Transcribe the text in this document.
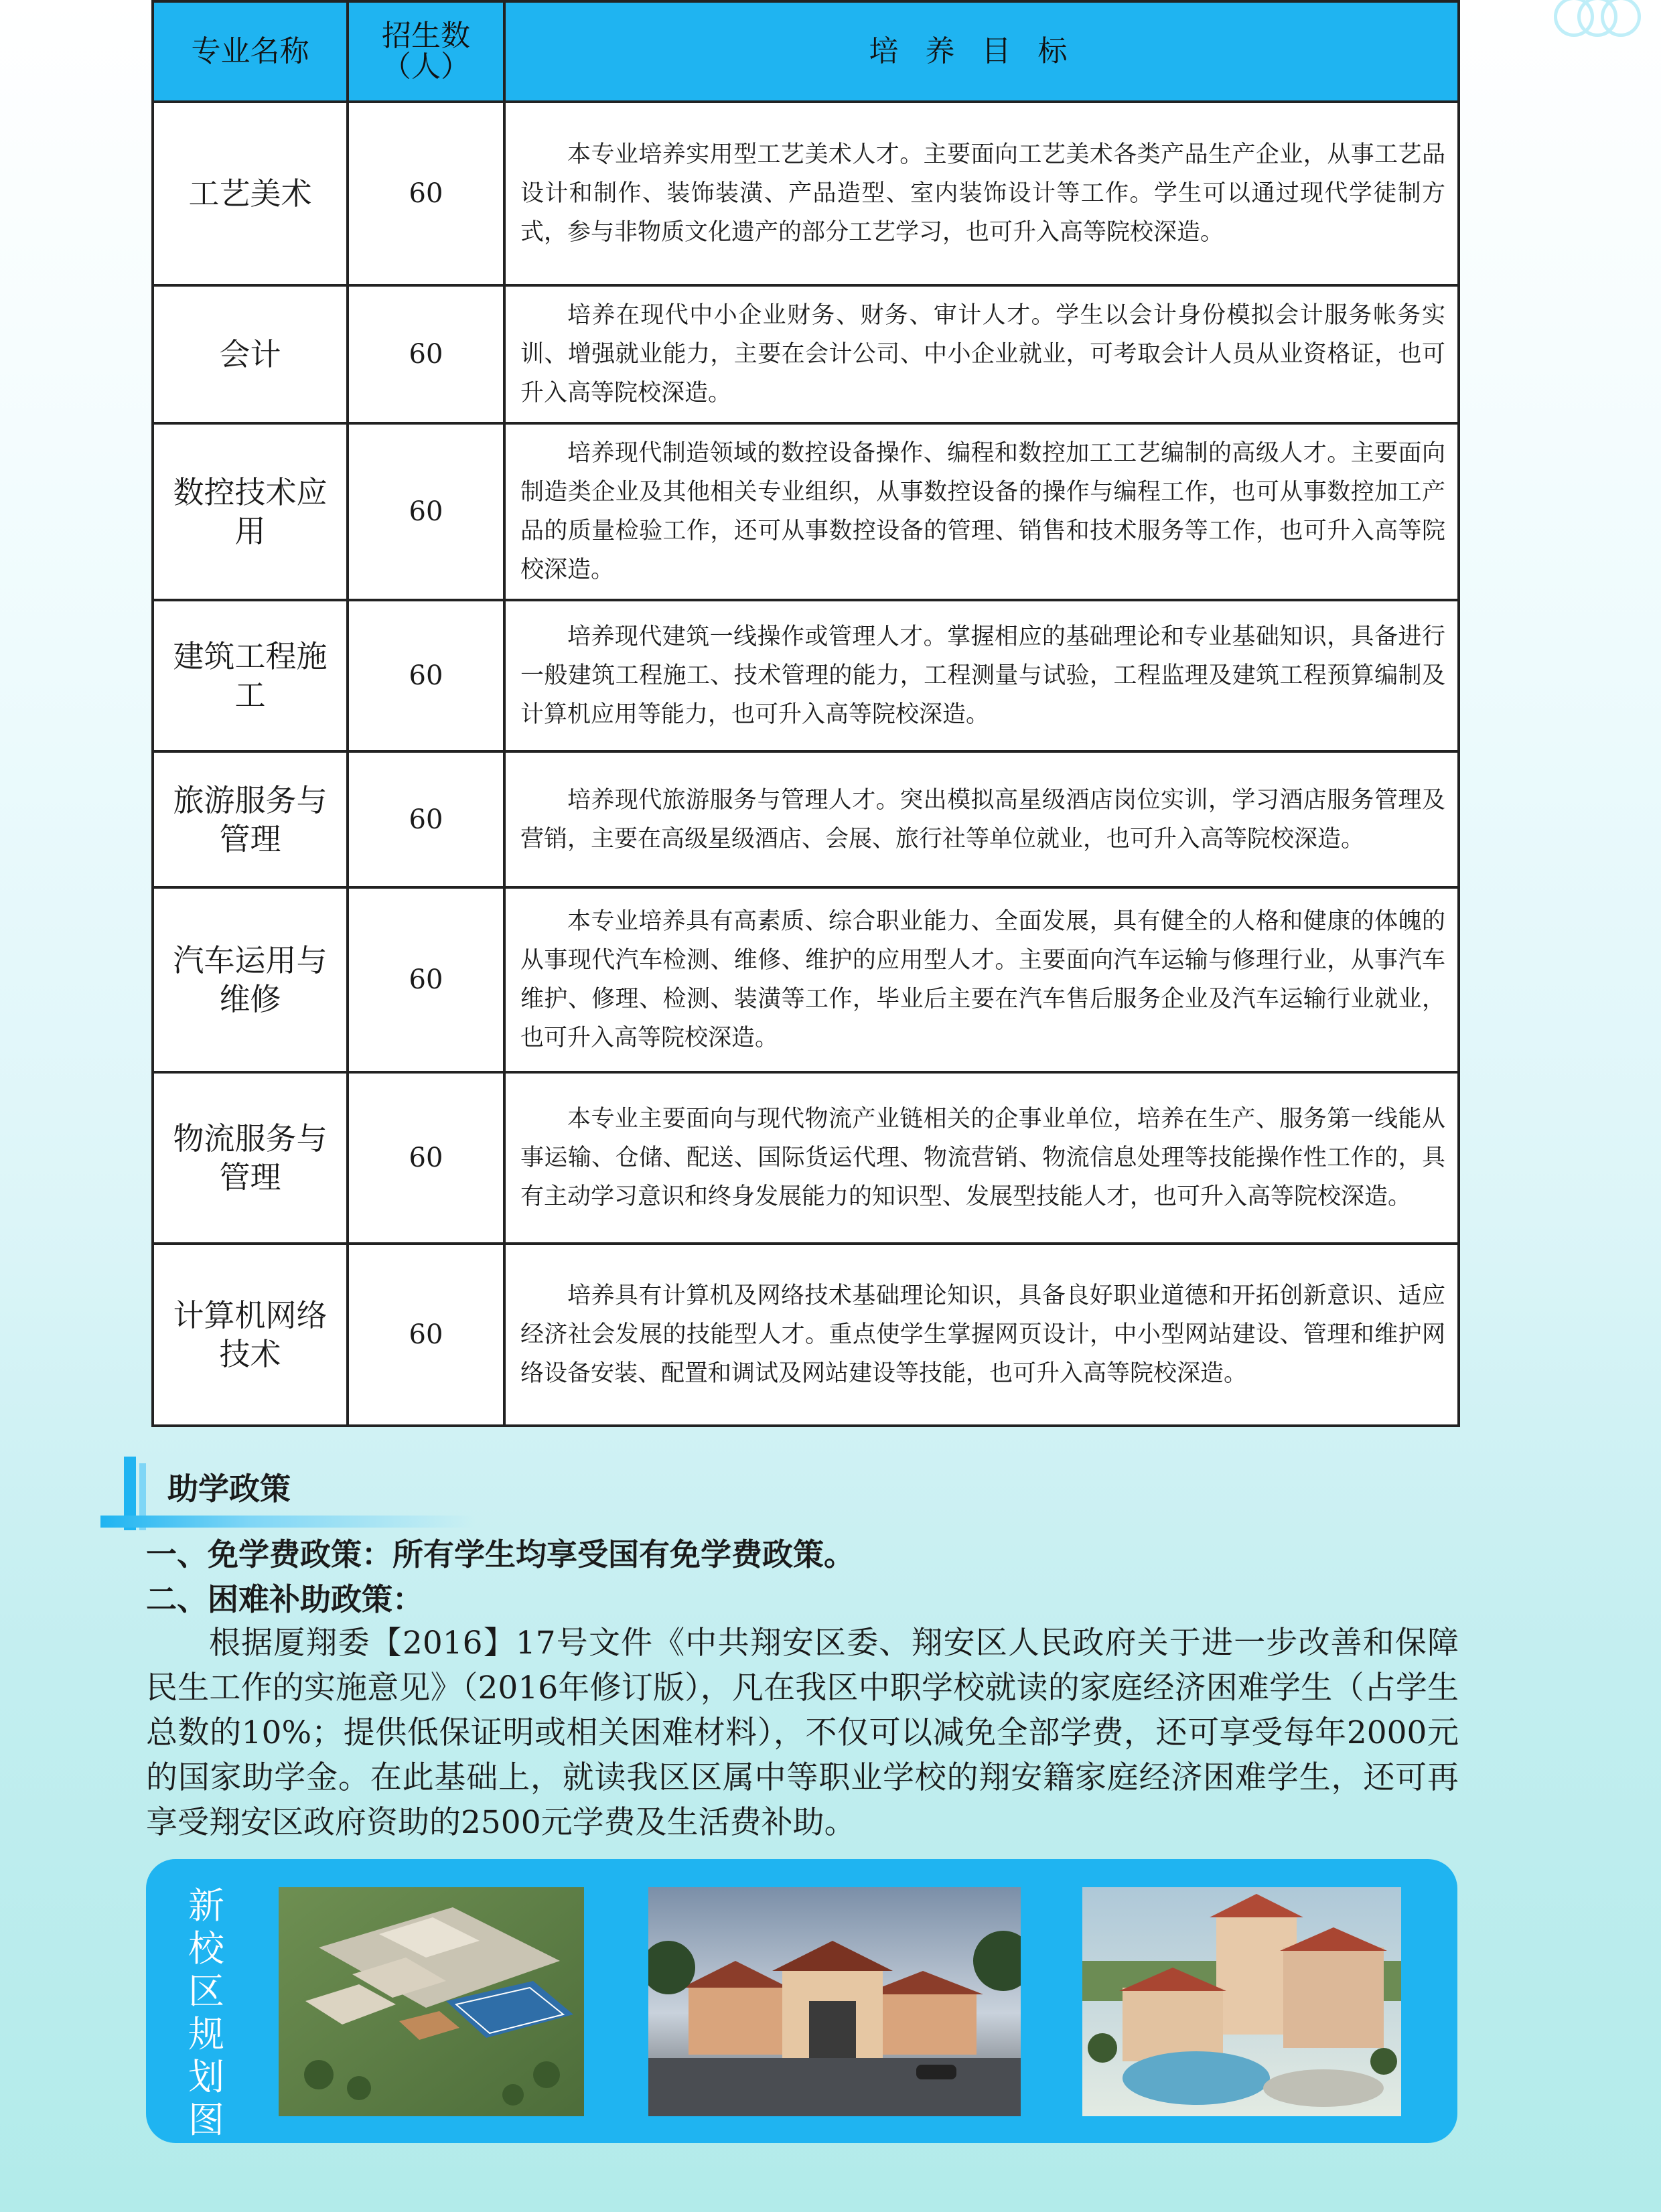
专业名称	招生数（人）	培养目标
工艺美术	60	本专业培养实用型工艺美术人才。主要面向工艺美术各类产品生产企业，从事工艺品设计和制作、装饰装潢、产品造型、室内装饰设计等工作。学生可以通过现代学徒制方式，参与非物质文化遗产的部分工艺学习，也可升入高等院校深造。
会计	60	培养在现代中小企业财务、财务、审计人才。学生以会计身份模拟会计服务帐务实训、增强就业能力，主要在会计公司、中小企业就业，可考取会计人员从业资格证，也可升入高等院校深造。
数控技术应用	60	培养现代制造领域的数控设备操作、编程和数控加工工艺编制的高级人才。主要面向制造类企业及其他相关专业组织，从事数控设备的操作与编程工作，也可从事数控加工产品的质量检验工作，还可从事数控设备的管理、销售和技术服务等工作，也可升入高等院校深造。
建筑工程施工	60	培养现代建筑一线操作或管理人才。掌握相应的基础理论和专业基础知识，具备进行一般建筑工程施工、技术管理的能力，工程测量与试验，工程监理及建筑工程预算编制及计算机应用等能力，也可升入高等院校深造。
旅游服务与管理	60	培养现代旅游服务与管理人才。突出模拟高星级酒店岗位实训，学习酒店服务管理及营销，主要在高级星级酒店、会展、旅行社等单位就业，也可升入高等院校深造。
汽车运用与维修	60	本专业培养具有高素质、综合职业能力、全面发展，具有健全的人格和健康的体魄的从事现代汽车检测、维修、维护的应用型人才。主要面向汽车运输与修理行业，从事汽车维护、修理、检测、装潢等工作，毕业后主要在汽车售后服务企业及汽车运输行业就业，也可升入高等院校深造。
物流服务与管理	60	本专业主要面向与现代物流产业链相关的企事业单位，培养在生产、服务第一线能从事运输、仓储、配送、国际货运代理、物流营销、物流信息处理等技能操作性工作的，具有主动学习意识和终身发展能力的知识型、发展型技能人才，也可升入高等院校深造。
计算机网络技术	60	培养具有计算机及网络技术基础理论知识，具备良好职业道德和开拓创新意识、适应经济社会发展的技能型人才。重点使学生掌握网页设计，中小型网站建设、管理和维护网络设备安装、配置和调试及网站建设等技能，也可升入高等院校深造。
助学政策
一、免学费政策：所有学生均享受国有免学费政策。
二、困难补助政策：
根据厦翔委【2016】17号文件《中共翔安区委、翔安区人民政府关于进一步改善和保障民生工作的实施意见》（2016年修订版），凡在我区中职学校就读的家庭经济困难学生（占学生总数的10%；提供低保证明或相关困难材料），不仅可以减免全部学费，还可享受每年2000元的国家助学金。在此基础上，就读我区区属中等职业学校的翔安籍家庭经济困难学生，还可再享受翔安区政府资助的2500元学费及生活费补助。
新校区规划图
